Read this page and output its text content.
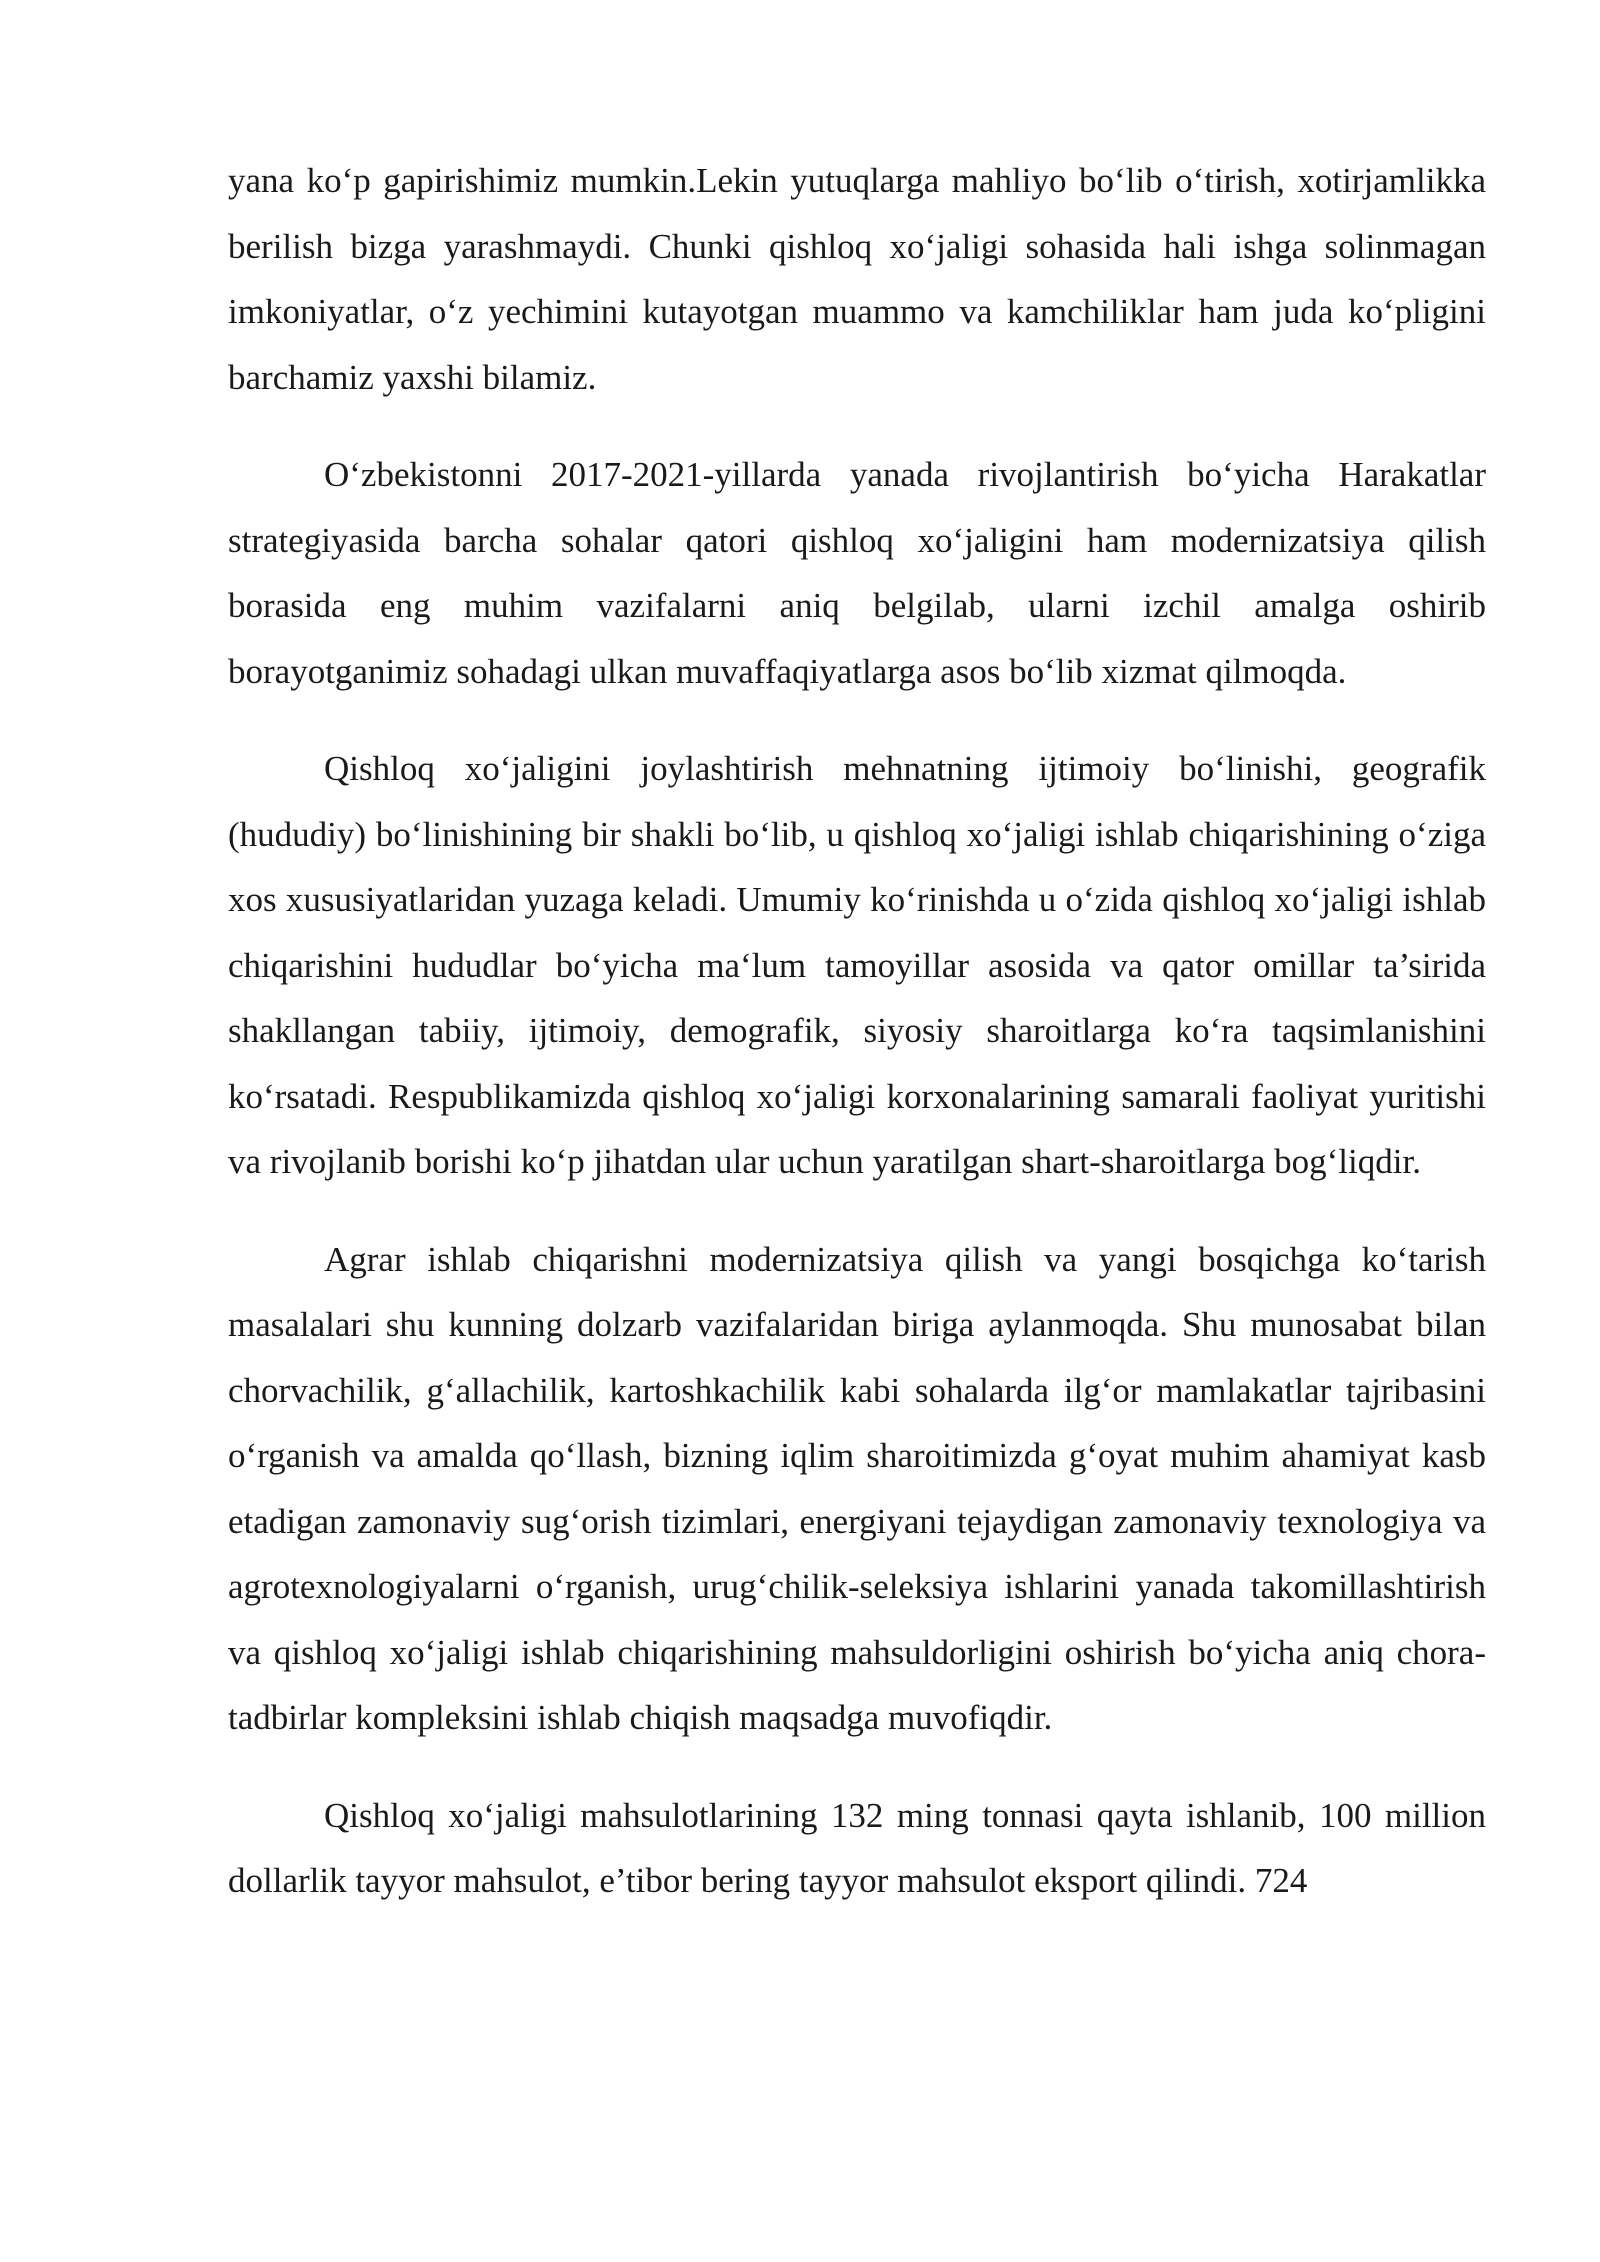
yana ko‘p gapirishimiz mumkin.Lekin yutuqlarga mahliyo bo‘lib o‘tirish, xotirjamlikka berilish bizga yarashmaydi. Chunki qishloq xo‘jaligi sohasida hali ishga solinmagan imkoniyatlar, o‘z yechimini kutayotgan muammo va kamchiliklar ham juda ko‘pligini barchamiz yaxshi bilamiz.

O‘zbekistonni 2017-2021-yillarda yanada rivojlantirish bo‘yicha Harakatlar strategiyasida barcha sohalar qatori qishloq xo‘jaligini ham modernizatsiya qilish borasida eng muhim vazifalarni aniq belgilab, ularni izchil amalga oshirib borayotganimiz sohadagi ulkan muvaffaqiyatlarga asos bo‘lib xizmat qilmoqda.

Qishloq xo‘jaligini joylashtirish mehnatning ijtimoiy bo‘linishi, geografik (hududiy) bo‘linishining bir shakli bo‘lib, u qishloq xo‘jaligi ishlab chiqarishining o‘ziga xos xususiyatlaridan yuzaga keladi. Umumiy ko‘rinishda u o‘zida qishloq xo‘jaligi ishlab chiqarishini hududlar bo‘yicha ma‘lum tamoyillar asosida va qator omillar ta’sirida shakllangan tabiiy, ijtimoiy, demografik, siyosiy sharoitlarga ko‘ra taqsimlanishini ko‘rsatadi. Respublikamizda qishloq xo‘jaligi korxonalarining samarali faoliyat yuritishi va rivojlanib borishi ko‘p jihatdan ular uchun yaratilgan shart-sharoitlarga bog‘liqdir.

Agrar ishlab chiqarishni modernizatsiya qilish va yangi bosqichga ko‘tarish masalalari shu kunning dolzarb vazifalaridan biriga aylanmoqda. Shu munosabat bilan chorvachilik, g‘allachilik, kartoshkachilik kabi sohalarda ilg‘or mamlakatlar tajribasini o‘rganish va amalda qo‘llash, bizning iqlim sharoitimizda g‘oyat muhim ahamiyat kasb etadigan zamonaviy sug‘orish tizimlari, energiyani tejaydigan zamonaviy texnologiya va agrotexnologiyalarni o‘rganish, urug‘chilik-seleksiya ishlarini yanada takomillashtirish va qishloq xo‘jaligi ishlab chiqarishining mahsuldorligini oshirish bo‘yicha aniq chora-tadbirlar kompleksini ishlab chiqish maqsadga muvofiqdir.

Qishloq xo‘jaligi mahsulotlarining 132 ming tonnasi qayta ishlanib, 100 million dollarlik tayyor mahsulot, e’tibor bering tayyor mahsulot eksport qilindi. 724
